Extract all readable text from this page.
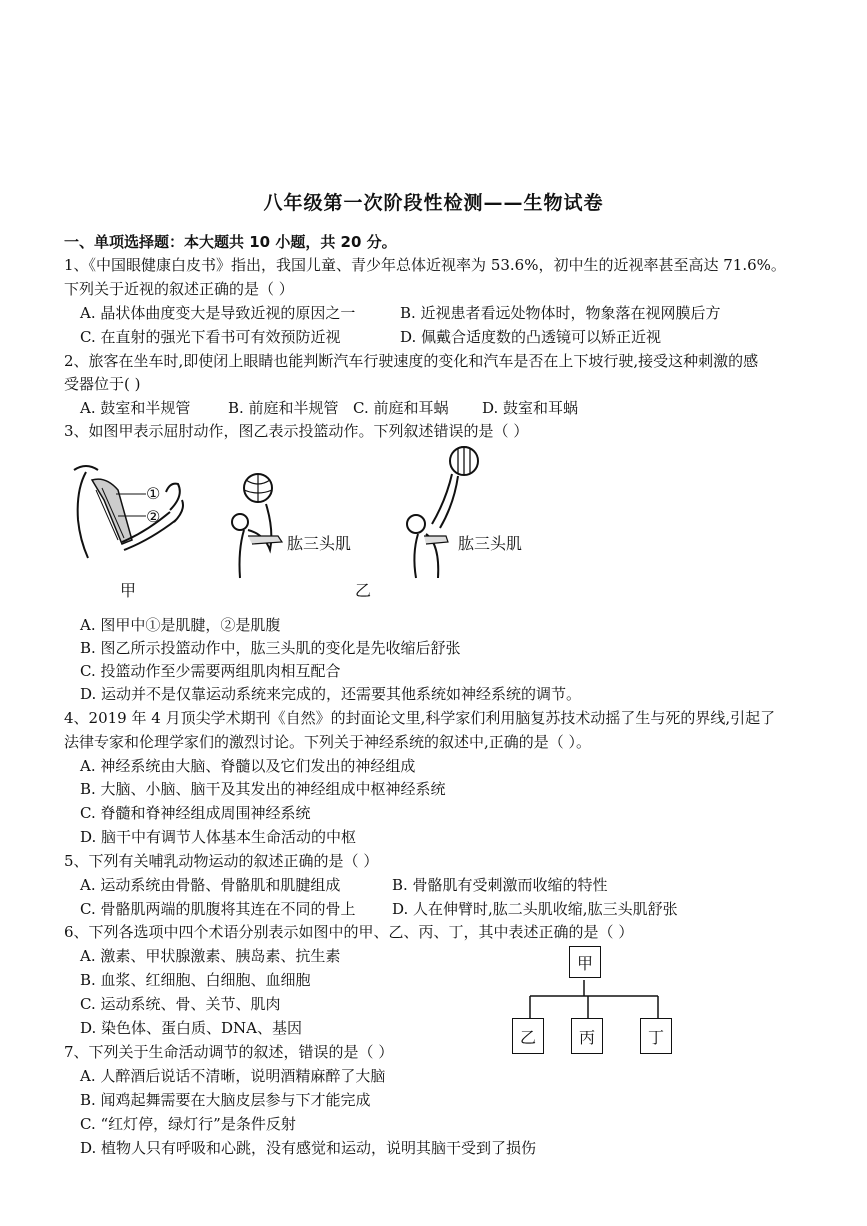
八年级第一次阶段性检测——生物试卷
一、单项选择题：本大题共 10 小题，共 20 分。
1、《中国眼健康白皮书》指出，我国儿童、青少年总体近视率为 53.6%，初中生的近视率甚至高达 71.6%。
下列关于近视的叙述正确的是（ ）
A. 晶状体曲度变大是导致近视的原因之一	B. 近视患者看远处物体时，物象落在视网膜后方
C. 在直射的强光下看书可有效预防近视	D. 佩戴合适度数的凸透镜可以矫正近视
2、旅客在坐车时,即使闭上眼睛也能判断汽车行驶速度的变化和汽车是否在上下坡行驶,接受这种刺激的感
受器位于( )
A. 鼓室和半规管	B. 前庭和半规管 C. 前庭和耳蜗 D. 鼓室和耳蜗
3、如图甲表示屈肘动作，图乙表示投篮动作。下列叙述错误的是（ ）
①
②
甲
肱三头肌
乙
肱三头肌
A. 图甲中①是肌腱，②是肌腹
B. 图乙所示投篮动作中，肱三头肌的变化是先收缩后舒张
C. 投篮动作至少需要两组肌肉相互配合
D. 运动并不是仅靠运动系统来完成的，还需要其他系统如神经系统的调节。
4、2019 年 4 月顶尖学术期刊《自然》的封面论文里,科学家们利用脑复苏技术动摇了生与死的界线,引起了
法律专家和伦理学家们的激烈讨论。下列关于神经系统的叙述中,正确的是（ ）。
A. 神经系统由大脑、脊髓以及它们发出的神经组成
B. 大脑、小脑、脑干及其发出的神经组成中枢神经系统
C. 脊髓和脊神经组成周围神经系统
D. 脑干中有调节人体基本生命活动的中枢
5、下列有关哺乳动物运动的叙述正确的是（ ）
A. 运动系统由骨骼、骨骼肌和肌腱组成	B. 骨骼肌有受刺激而收缩的特性
C. 骨骼肌两端的肌腹将其连在不同的骨上 D. 人在伸臂时,肱二头肌收缩,肱三头肌舒张
6、下列各选项中四个术语分别表示如图中的甲、乙、丙、丁，其中表述正确的是（ ）
A. 激素、甲状腺激素、胰岛素、抗生素
B. 血浆、红细胞、白细胞、血细胞
C. 运动系统、骨、关节、肌肉
D. 染色体、蛋白质、DNA、基因
甲
乙	丙	丁
7、下列关于生命活动调节的叙述，错误的是（ ）
A. 人醉酒后说话不清晰，说明酒精麻醉了大脑
B. 闻鸡起舞需要在大脑皮层参与下才能完成
C. “红灯停，绿灯行”是条件反射
D. 植物人只有呼吸和心跳，没有感觉和运动，说明其脑干受到了损伤
